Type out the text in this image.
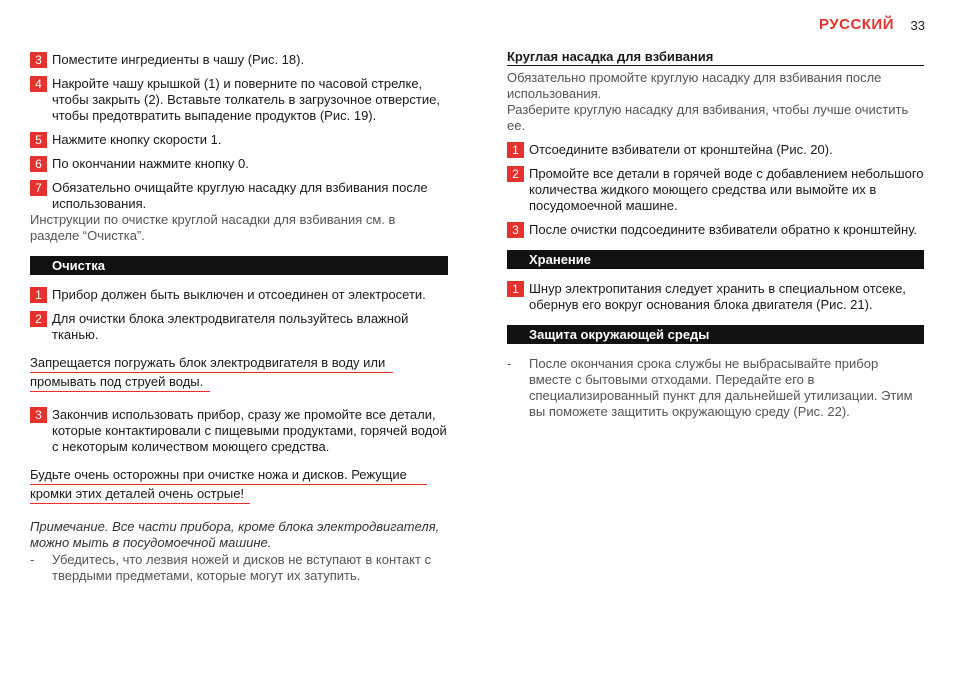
РУССКИЙ 33
3 Поместите ингредиенты в чашу (Рис. 18).
4 Накройте чашу крышкой (1) и поверните по часовой стрелке, чтобы закрыть (2). Вставьте толкатель в загрузочное отверстие, чтобы предотвратить выпадение продуктов (Рис. 19).
5 Нажмите кнопку скорости 1.
6 По окончании нажмите кнопку 0.
7 Обязательно очищайте круглую насадку для взбивания после использования.

Инструкции по очистке круглой насадки для взбивания см. в разделе “Очистка”.

Очистка
1 Прибор должен быть выключен и отсоединен от электросети.
2 Для очистки блока электродвигателя пользуйтесь влажной тканью.
Запрещается погружать блок электродвигателя в воду или
промывать под струей воды.
3 Закончив использовать прибор, сразу же промойте все детали, которые контактировали с пищевыми продуктами, горячей водой с некоторым количеством моющего средства.
Будьте очень осторожны при очистке ножа и дисков. Режущие
кромки этих деталей очень острые!

Примечание. Все части прибора, кроме блока электродвигателя, можно мыть в посудомоечной машине.

- Убедитесь, что лезвия ножей и дисков не вступают в контакт с твердыми предметами, которые могут их затупить.

Круглая насадка для взбивания

Обязательно промойте круглую насадку для взбивания после использования.

Разберите круглую насадку для взбивания, чтобы лучше очистить ее.

1 Отсоедините взбиватели от кронштейна (Рис. 20).
2 Промойте все детали в горячей воде с добавлением небольшого количества жидкого моющего средства или вымойте их в посудомоечной машине.
3 После очистки подсоедините взбиватели обратно к кронштейну.
Хранение
1 Шнур электропитания следует хранить в специальном отсеке, обернув его вокруг основания блока двигателя (Рис. 21).
Защита окружающей среды

- После окончания срока службы не выбрасывайте прибор вместе с бытовыми отходами. Передайте его в специализированный пункт для дальнейшей утилизации. Этим вы поможете защитить окружающую среду (Рис. 22).
